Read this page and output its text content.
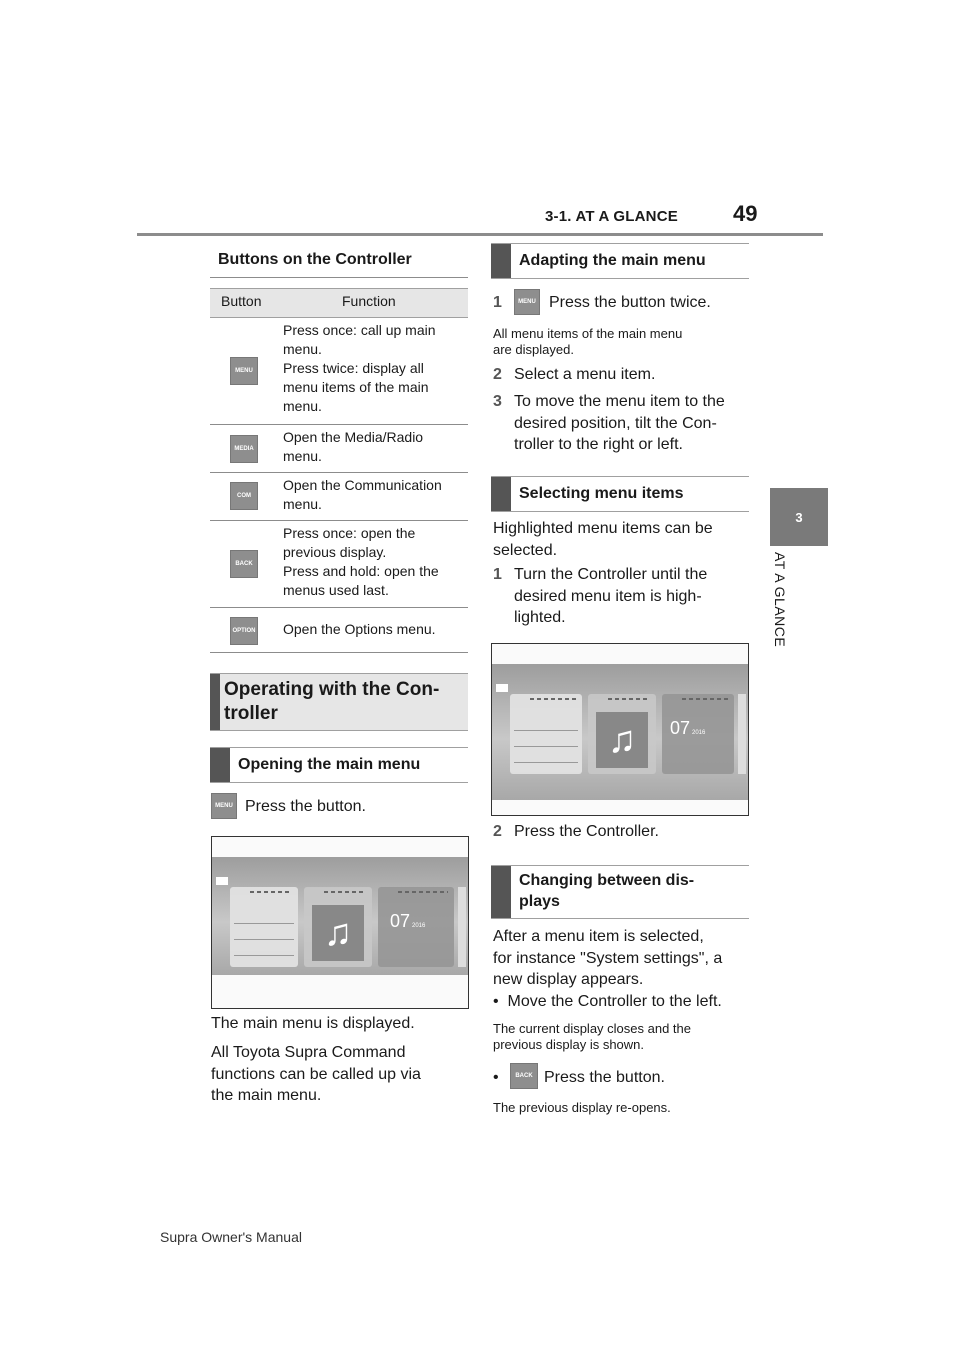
3-1. AT A GLANCE	49
3
AT A GLANCE
Buttons on the Controller
Button	Function
MENU
Press once: call up main
menu.
Press twice: display all
menu items of the main
menu.
MEDIA
Open the Media/Radio
menu.
COM
Open the Communication
menu.
BACK
Press once: open the
previous display.
Press and hold: open the
menus used last.
OPTION Open the Options menu.
Operating with the Con-
troller
Opening the main menu
MENU Press the button.
♫	07 2016
The main menu is displayed.
All Toyota Supra Command
functions can be called up via
the main menu.
Adapting the main menu
1	MENU Press the button twice.
All menu items of the main menu
are displayed.
2 Select a menu item.
3 To move the menu item to the
desired position, tilt the Con-
troller to the right or left.
Selecting menu items
Highlighted menu items can be
selected.
1 Turn the Controller until the
desired menu item is high-
lighted.
♫	07 2016
2 Press the Controller.
Changing between dis-
plays
After a menu item is selected,
for instance "System settings", a
new display appears.
•  Move the Controller to the left.
The current display closes and the
previous display is shown.
•	BACK Press the button.
The previous display re-opens.
Supra Owner's Manual
